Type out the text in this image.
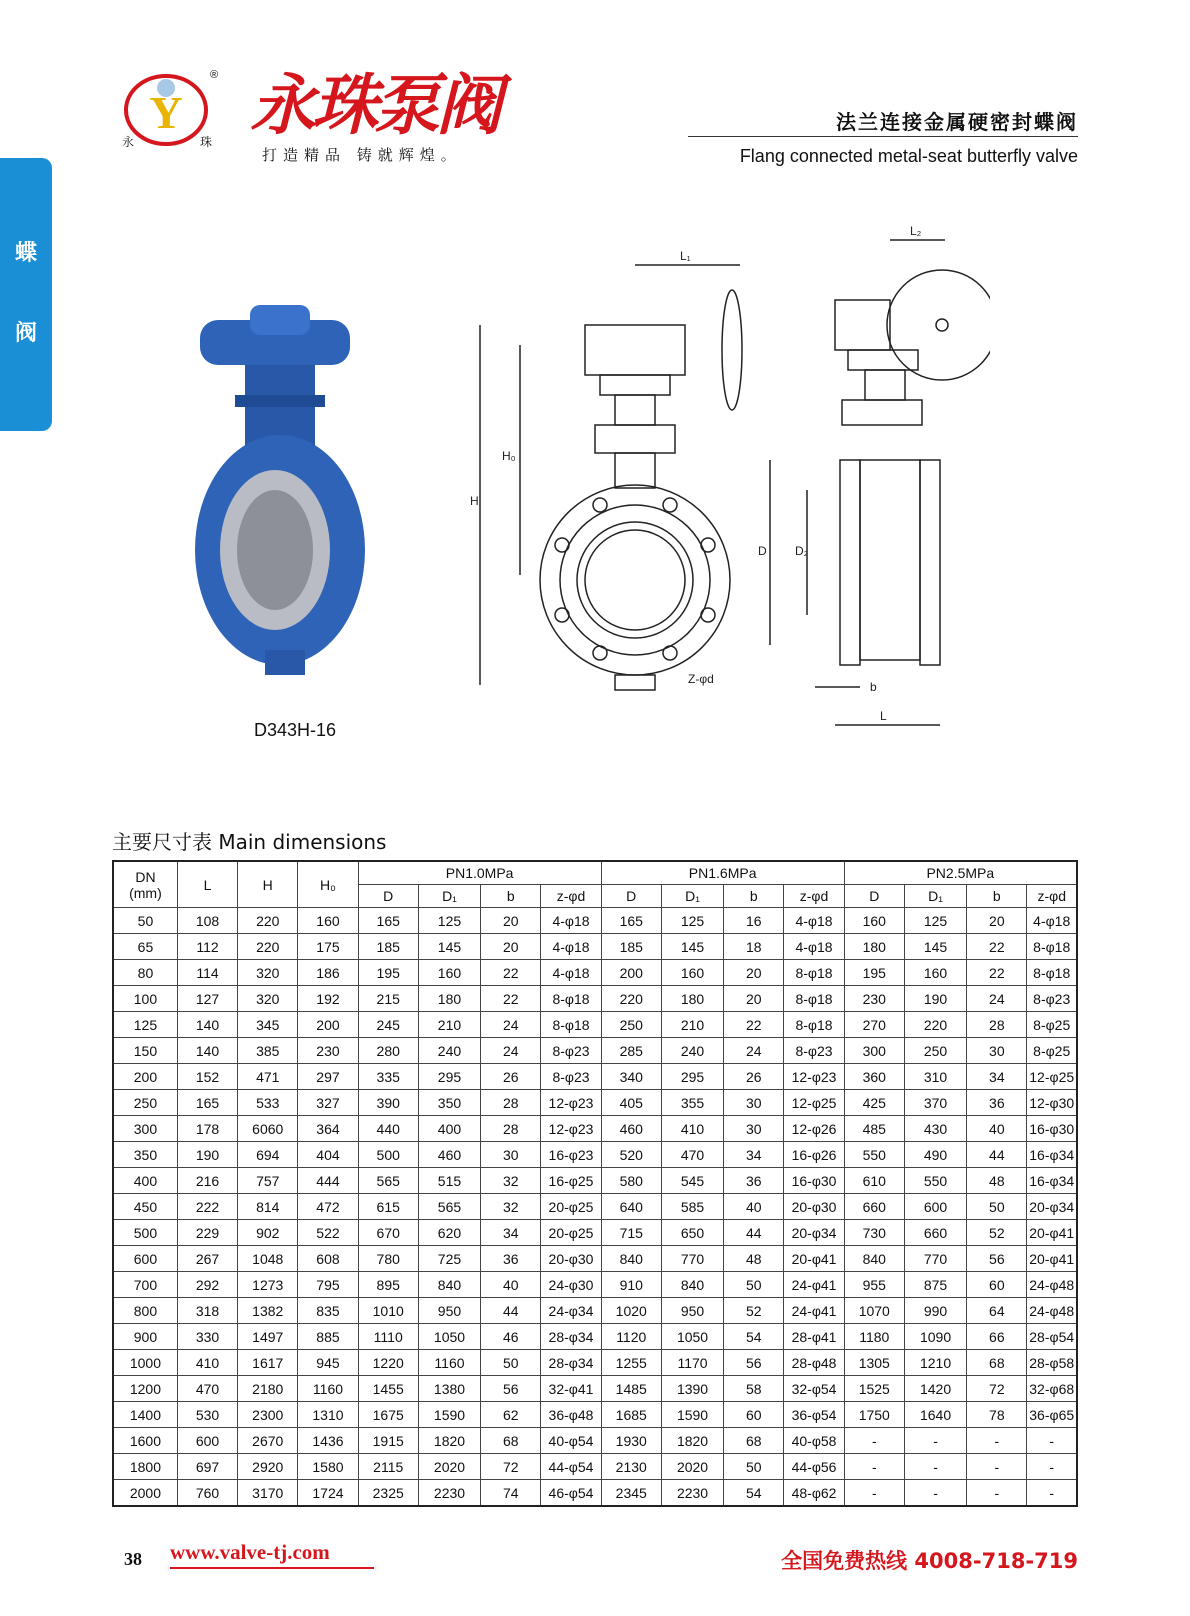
蝶
阀
Y
永	珠
® 永珠泵阀
打造精品 铸就辉煌。
法兰连接金属硬密封蝶阀
Flang connected metal-seat butterfly valve
D343H-16
H
H₀
L₁
Z-φd
L₂
D D₂
b
L
主要尺寸表 Main dimensions
DN
(mm)	L	H	H₀	PN1.0MPa				PN1.6MPa				PN2.5MPa			
				D	D₁	b	z-φd	D	D₁	b	z-φd	D	D₁	b	z-φd
50	108	220	160	165	125	20	4-φ18	165	125	16	4-φ18	160	125	20	4-φ18
65	112	220	175	185	145	20	4-φ18	185	145	18	4-φ18	180	145	22	8-φ18
80	114	320	186	195	160	22	4-φ18	200	160	20	8-φ18	195	160	22	8-φ18
100	127	320	192	215	180	22	8-φ18	220	180	20	8-φ18	230	190	24	8-φ23
125	140	345	200	245	210	24	8-φ18	250	210	22	8-φ18	270	220	28	8-φ25
150	140	385	230	280	240	24	8-φ23	285	240	24	8-φ23	300	250	30	8-φ25
200	152	471	297	335	295	26	8-φ23	340	295	26	12-φ23	360	310	34	12-φ25
250	165	533	327	390	350	28	12-φ23	405	355	30	12-φ25	425	370	36	12-φ30
300	178	6060	364	440	400	28	12-φ23	460	410	30	12-φ26	485	430	40	16-φ30
350	190	694	404	500	460	30	16-φ23	520	470	34	16-φ26	550	490	44	16-φ34
400	216	757	444	565	515	32	16-φ25	580	545	36	16-φ30	610	550	48	16-φ34
450	222	814	472	615	565	32	20-φ25	640	585	40	20-φ30	660	600	50	20-φ34
500	229	902	522	670	620	34	20-φ25	715	650	44	20-φ34	730	660	52	20-φ41
600	267	1048	608	780	725	36	20-φ30	840	770	48	20-φ41	840	770	56	20-φ41
700	292	1273	795	895	840	40	24-φ30	910	840	50	24-φ41	955	875	60	24-φ48
800	318	1382	835	1010	950	44	24-φ34	1020	950	52	24-φ41	1070	990	64	24-φ48
900	330	1497	885	1110	1050	46	28-φ34	1120	1050	54	28-φ41	1180	1090	66	28-φ54
1000	410	1617	945	1220	1160	50	28-φ34	1255	1170	56	28-φ48	1305	1210	68	28-φ58
1200	470	2180	1160	1455	1380	56	32-φ41	1485	1390	58	32-φ54	1525	1420	72	32-φ68
1400	530	2300	1310	1675	1590	62	36-φ48	1685	1590	60	36-φ54	1750	1640	78	36-φ65
1600	600	2670	1436	1915	1820	68	40-φ54	1930	1820	68	40-φ58	-	-	-	-
1800	697	2920	1580	2115	2020	72	44-φ54	2130	2020	50	44-φ56	-	-	-	-
2000	760	3170	1724	2325	2230	74	46-φ54	2345	2230	54	48-φ62	-	-	-	-
38 www.valve-tj.com	全国免费热线 4008-718-719
